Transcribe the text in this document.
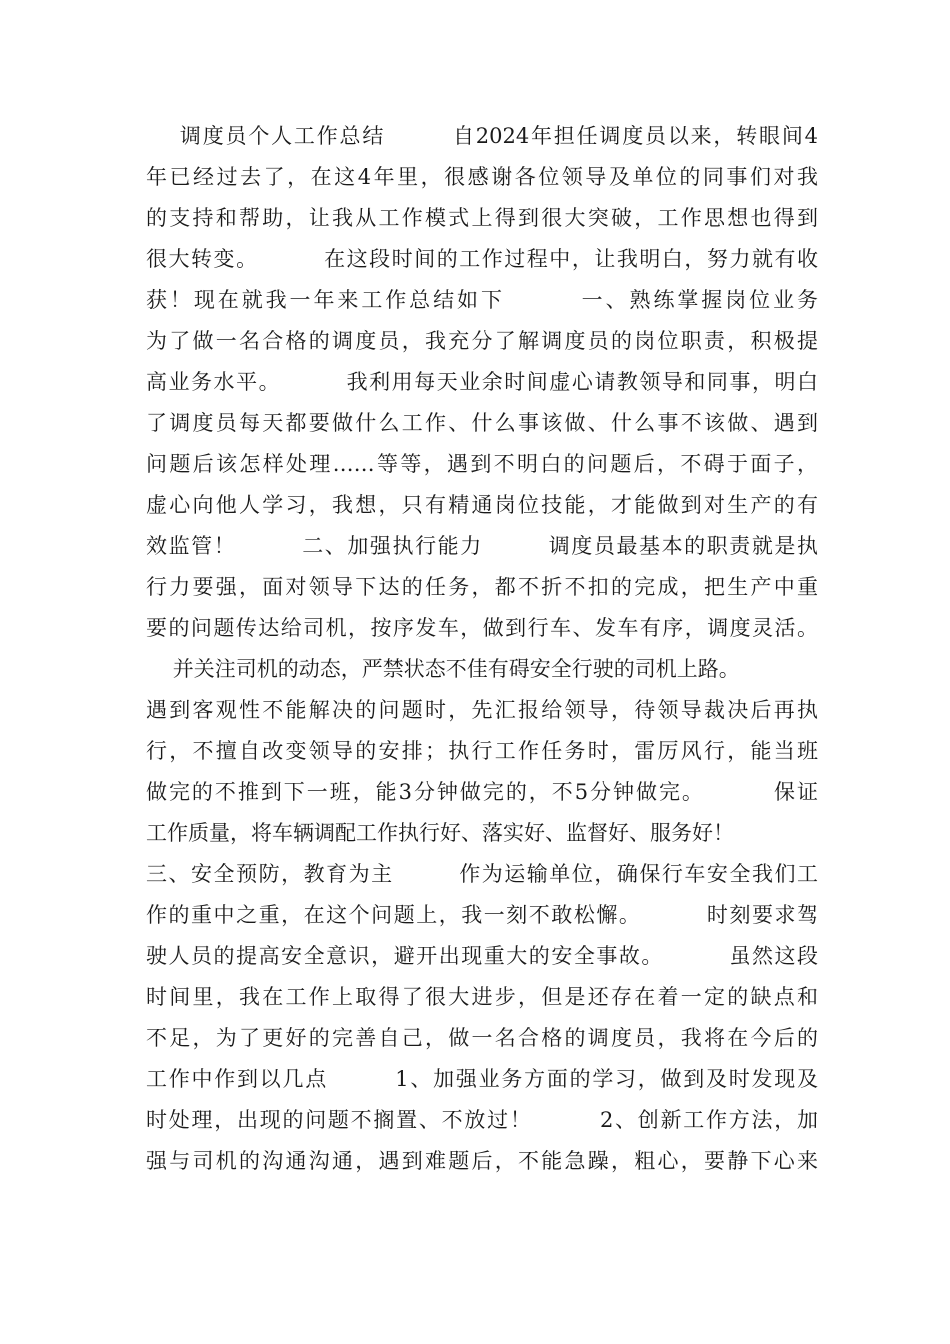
调度员个人工作总结        自2024年担任调度员以来，转眼间4
年已经过去了，在这4年里，很感谢各位领导及单位的同事们对我
的支持和帮助，让我从工作模式上得到很大突破，工作思想也得到
很大转变。        在这段时间的工作过程中，让我明白，努力就有收
获！现在就我一年来工作总结如下        一、熟练掌握岗位业务
为了做一名合格的调度员，我充分了解调度员的岗位职责，积极提
高业务水平。        我利用每天业余时间虚心请教领导和同事，明白
了调度员每天都要做什么工作、什么事该做、什么事不该做、遇到
问题后该怎样处理……等等，遇到不明白的问题后，不碍于面子，
虚心向他人学习，我想，只有精通岗位技能，才能做到对生产的有
效监管！        二、加强执行能力        调度员最基本的职责就是执
行力要强，面对领导下达的任务，都不折不扣的完成，把生产中重
要的问题传达给司机，按序发车，做到行车、发车有序，调度灵活。
并关注司机的动态，严禁状态不佳有碍安全行驶的司机上路。
遇到客观性不能解决的问题时，先汇报给领导，待领导裁决后再执
行，不擅自改变领导的安排；执行工作任务时，雷厉风行，能当班
做完的不推到下一班，能3分钟做完的，不5分钟做完。        保证
工作质量，将车辆调配工作执行好、落实好、监督好、服务好！
三、安全预防，教育为主        作为运输单位，确保行车安全我们工
作的重中之重，在这个问题上，我一刻不敢松懈。        时刻要求驾
驶人员的提高安全意识，避开出现重大的安全事故。        虽然这段
时间里，我在工作上取得了很大进步，但是还存在着一定的缺点和
不足，为了更好的完善自己，做一名合格的调度员，我将在今后的
工作中作到以几点        1、加强业务方面的学习，做到及时发现及
时处理，出现的问题不搁置、不放过！        2、创新工作方法，加
强与司机的沟通沟通，遇到难题后，不能急躁，粗心，要静下心来
